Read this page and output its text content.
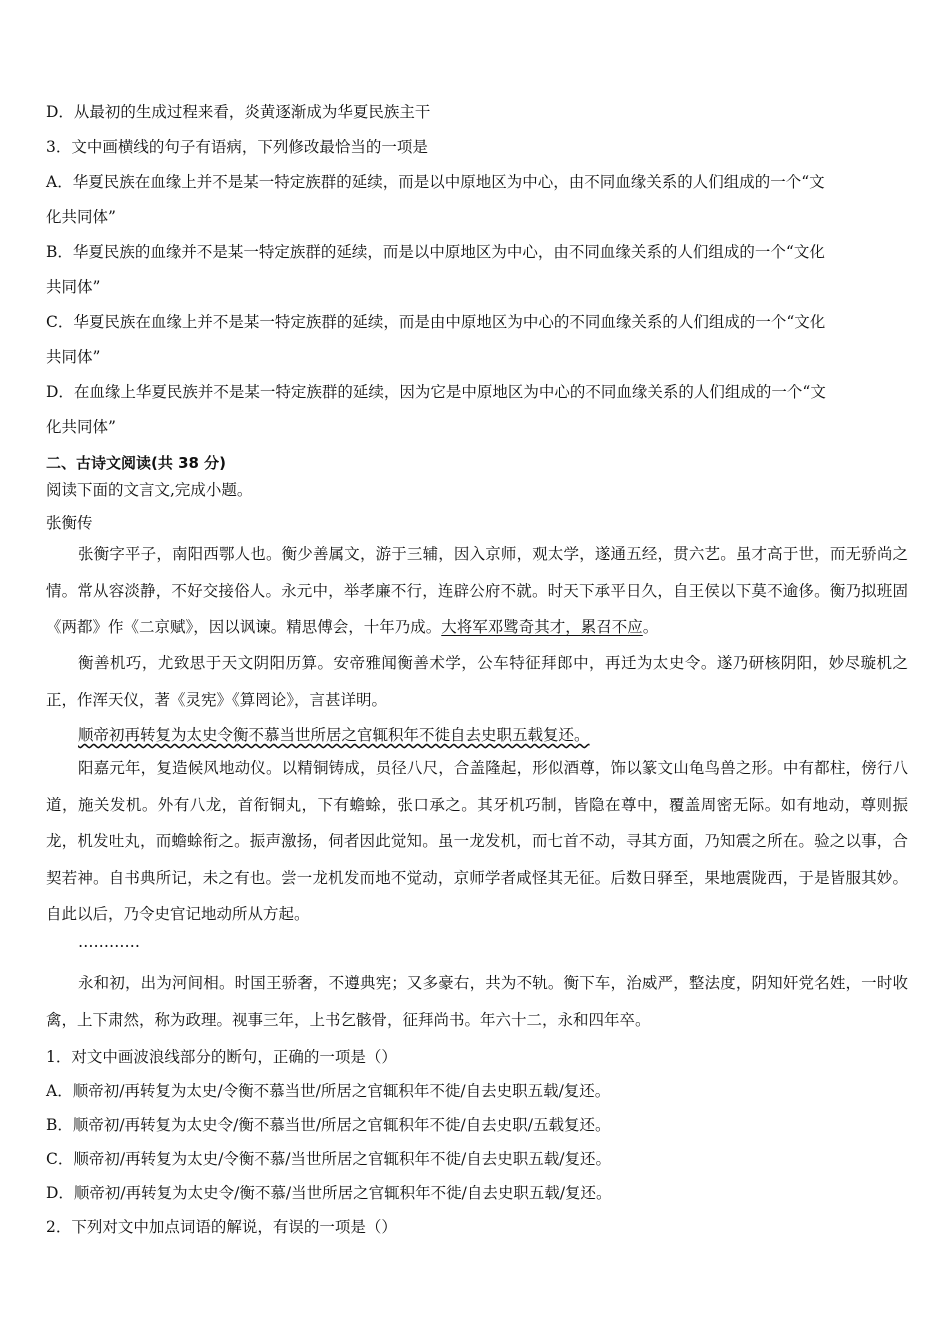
D．从最初的生成过程来看，炎黄逐渐成为华夏民族主干
3．文中画横线的句子有语病，下列修改最恰当的一项是
A．华夏民族在血缘上并不是某一特定族群的延续，而是以中原地区为中心，由不同血缘关系的人们组成的一个“文
化共同体”
B．华夏民族的血缘并不是某一特定族群的延续，而是以中原地区为中心，由不同血缘关系的人们组成的一个“文化
共同体”
C．华夏民族在血缘上并不是某一特定族群的延续，而是由中原地区为中心的不同血缘关系的人们组成的一个“文化
共同体”
D．在血缘上华夏民族并不是某一特定族群的延续，因为它是中原地区为中心的不同血缘关系的人们组成的一个“文
化共同体”
二、古诗文阅读(共 38 分)
阅读下面的文言文,完成小题。
张衡传
张衡字平子，南阳西鄂人也。衡少善属文，游于三辅，因入京师，观太学，遂通五经，贯六艺。虽才高于世，而无骄尚之情。常从容淡静，不好交接俗人。永元中，举孝廉不行，连辟公府不就。时天下承平日久，自王侯以下莫不逾侈。衡乃拟班固《两都》作《二京赋》，因以讽谏。精思傅会，十年乃成。大将军邓骘奇其才，累召不应。
衡善机巧，尤致思于天文阴阳历算。安帝雅闻衡善术学，公车特征拜郎中，再迁为太史令。遂乃研核阴阳，妙尽璇机之正，作浑天仪，著《灵宪》《算罔论》，言甚详明。
顺帝初再转复为太史令衡不慕当世所居之官辄积年不徙自去史职五载复还。
阳嘉元年，复造候风地动仪。以精铜铸成，员径八尺，合盖隆起，形似酒尊，饰以篆文山龟鸟兽之形。中有都柱，傍行八道，施关发机。外有八龙，首衔铜丸，下有蟾蜍，张口承之。其牙机巧制，皆隐在尊中，覆盖周密无际。如有地动，尊则振龙，机发吐丸，而蟾蜍衔之。振声激扬，伺者因此觉知。虽一龙发机，而七首不动，寻其方面，乃知震之所在。验之以事，合契若神。自书典所记，未之有也。尝一龙机发而地不觉动，京师学者咸怪其无征。后数日驿至，果地震陇西，于是皆服其妙。自此以后，乃令史官记地动所从方起。
…………
永和初，出为河间相。时国王骄奢，不遵典宪；又多豪右，共为不轨。衡下车，治威严，整法度，阴知奸党名姓，一时收禽，上下肃然，称为政理。视事三年，上书乞骸骨，征拜尚书。年六十二，永和四年卒。
1．对文中画波浪线部分的断句，正确的一项是（）
A．顺帝初/再转复为太史/令衡不慕当世/所居之官辄积年不徙/自去史职五载/复还。
B．顺帝初/再转复为太史令/衡不慕当世/所居之官辄积年不徙/自去史职/五载复还。
C．顺帝初/再转复为太史/令衡不慕/当世所居之官辄积年不徙/自去史职五载/复还。
D．顺帝初/再转复为太史令/衡不慕/当世所居之官辄积年不徙/自去史职五载/复还。
2．下列对文中加点词语的解说，有误的一项是（）
